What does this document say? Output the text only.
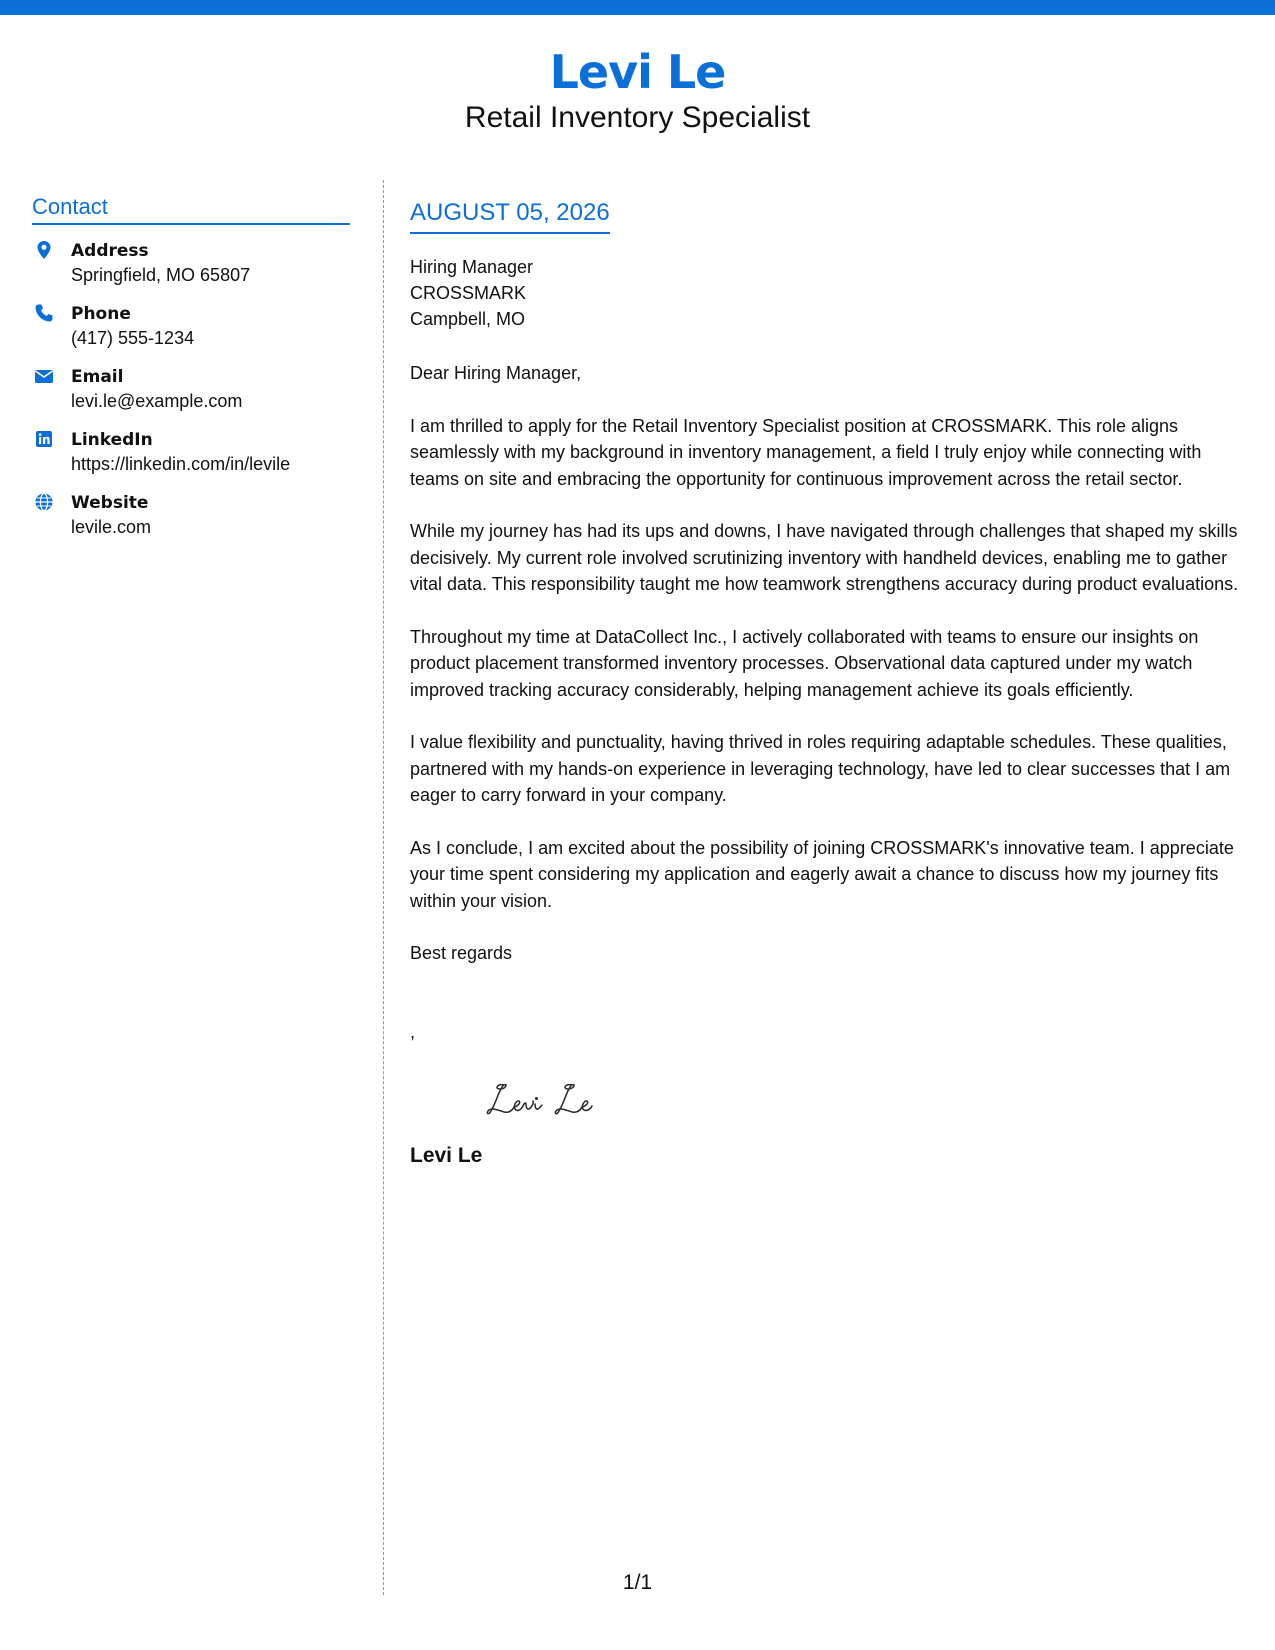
Levi Le
Retail Inventory Specialist
Contact
Address
Springfield, MO 65807
Phone
(417) 555-1234
Email
levi.le@example.com
LinkedIn
https://linkedin.com/in/levile
Website
levile.com
AUGUST 05, 2026
Hiring Manager
CROSSMARK
Campbell, MO
Dear Hiring Manager,
I am thrilled to apply for the Retail Inventory Specialist position at CROSSMARK. This role aligns seamlessly with my background in inventory management, a field I truly enjoy while connecting with teams on site and embracing the opportunity for continuous improvement across the retail sector.
While my journey has had its ups and downs, I have navigated through challenges that shaped my skills decisively. My current role involved scrutinizing inventory with handheld devices, enabling me to gather vital data. This responsibility taught me how teamwork strengthens accuracy during product evaluations.
Throughout my time at DataCollect Inc., I actively collaborated with teams to ensure our insights on product placement transformed inventory processes. Observational data captured under my watch improved tracking accuracy considerably, helping management achieve its goals efficiently.
I value flexibility and punctuality, having thrived in roles requiring adaptable schedules. These qualities, partnered with my hands-on experience in leveraging technology, have led to clear successes that I am eager to carry forward in your company.
As I conclude, I am excited about the possibility of joining CROSSMARK's innovative team. I appreciate your time spent considering my application and eagerly await a chance to discuss how my journey fits within your vision.
Best regards
,
Levi Le
1/1
